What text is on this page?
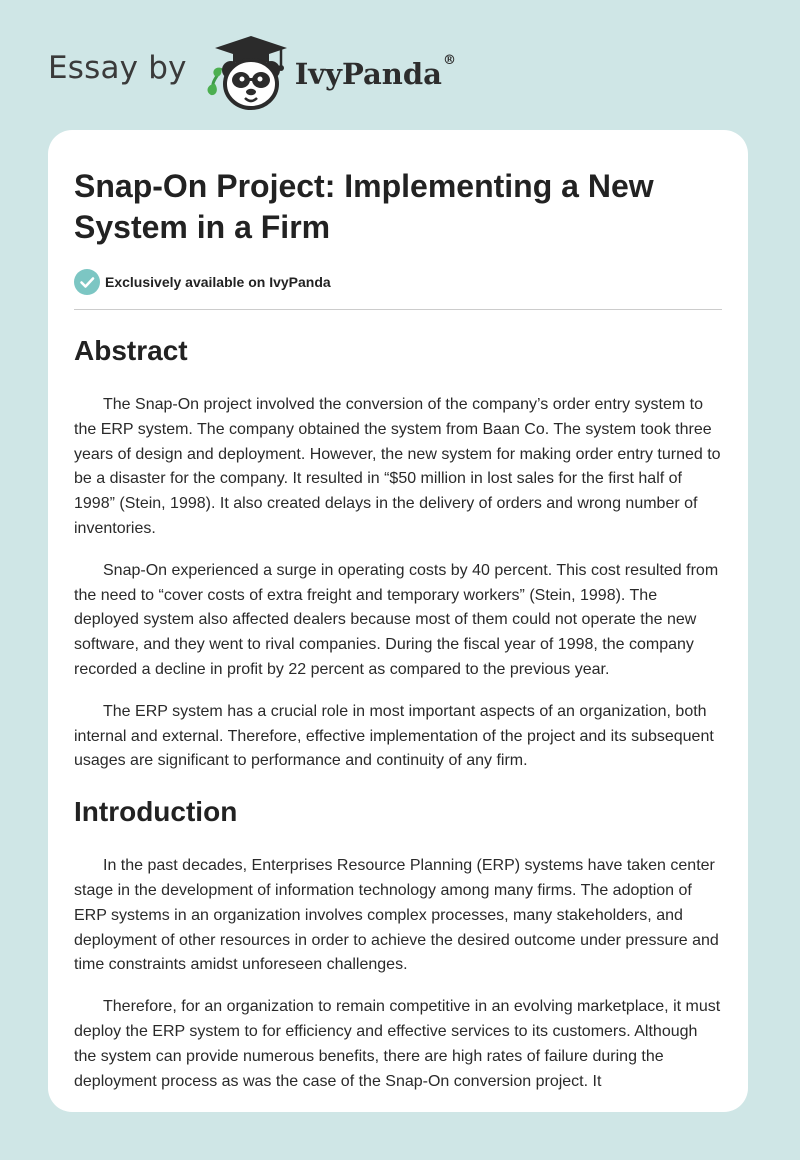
Essay by	IvyPanda®
Snap-On Project: Implementing a New System in a Firm
Exclusively available on IvyPanda
Abstract

The Snap-On project involved the conversion of the company’s order entry system to the ERP system. The company obtained the system from Baan Co. The system took three years of design and deployment. However, the new system for making order entry turned to be a disaster for the company. It resulted in “$50 million in lost sales for the first half of 1998” (Stein, 1998). It also created delays in the delivery of orders and wrong number of inventories.

Snap-On experienced a surge in operating costs by 40 percent. This cost resulted from the need to “cover costs of extra freight and temporary workers” (Stein, 1998). The deployed system also affected dealers because most of them could not operate the new software, and they went to rival companies. During the fiscal year of 1998, the company recorded a decline in profit by 22 percent as compared to the previous year.

The ERP system has a crucial role in most important aspects of an organization, both internal and external. Therefore, effective implementation of the project and its subsequent usages are significant to performance and continuity of any firm.

Introduction

In the past decades, Enterprises Resource Planning (ERP) systems have taken center stage in the development of information technology among many firms. The adoption of ERP systems in an organization involves complex processes, many stakeholders, and deployment of other resources in order to achieve the desired outcome under pressure and time constraints amidst unforeseen challenges.

Therefore, for an organization to remain competitive in an evolving marketplace, it must deploy the ERP system to for efficiency and effective services to its customers. Although the system can provide numerous benefits, there are high rates of failure during the deployment process as was the case of the Snap-On conversion project. It
